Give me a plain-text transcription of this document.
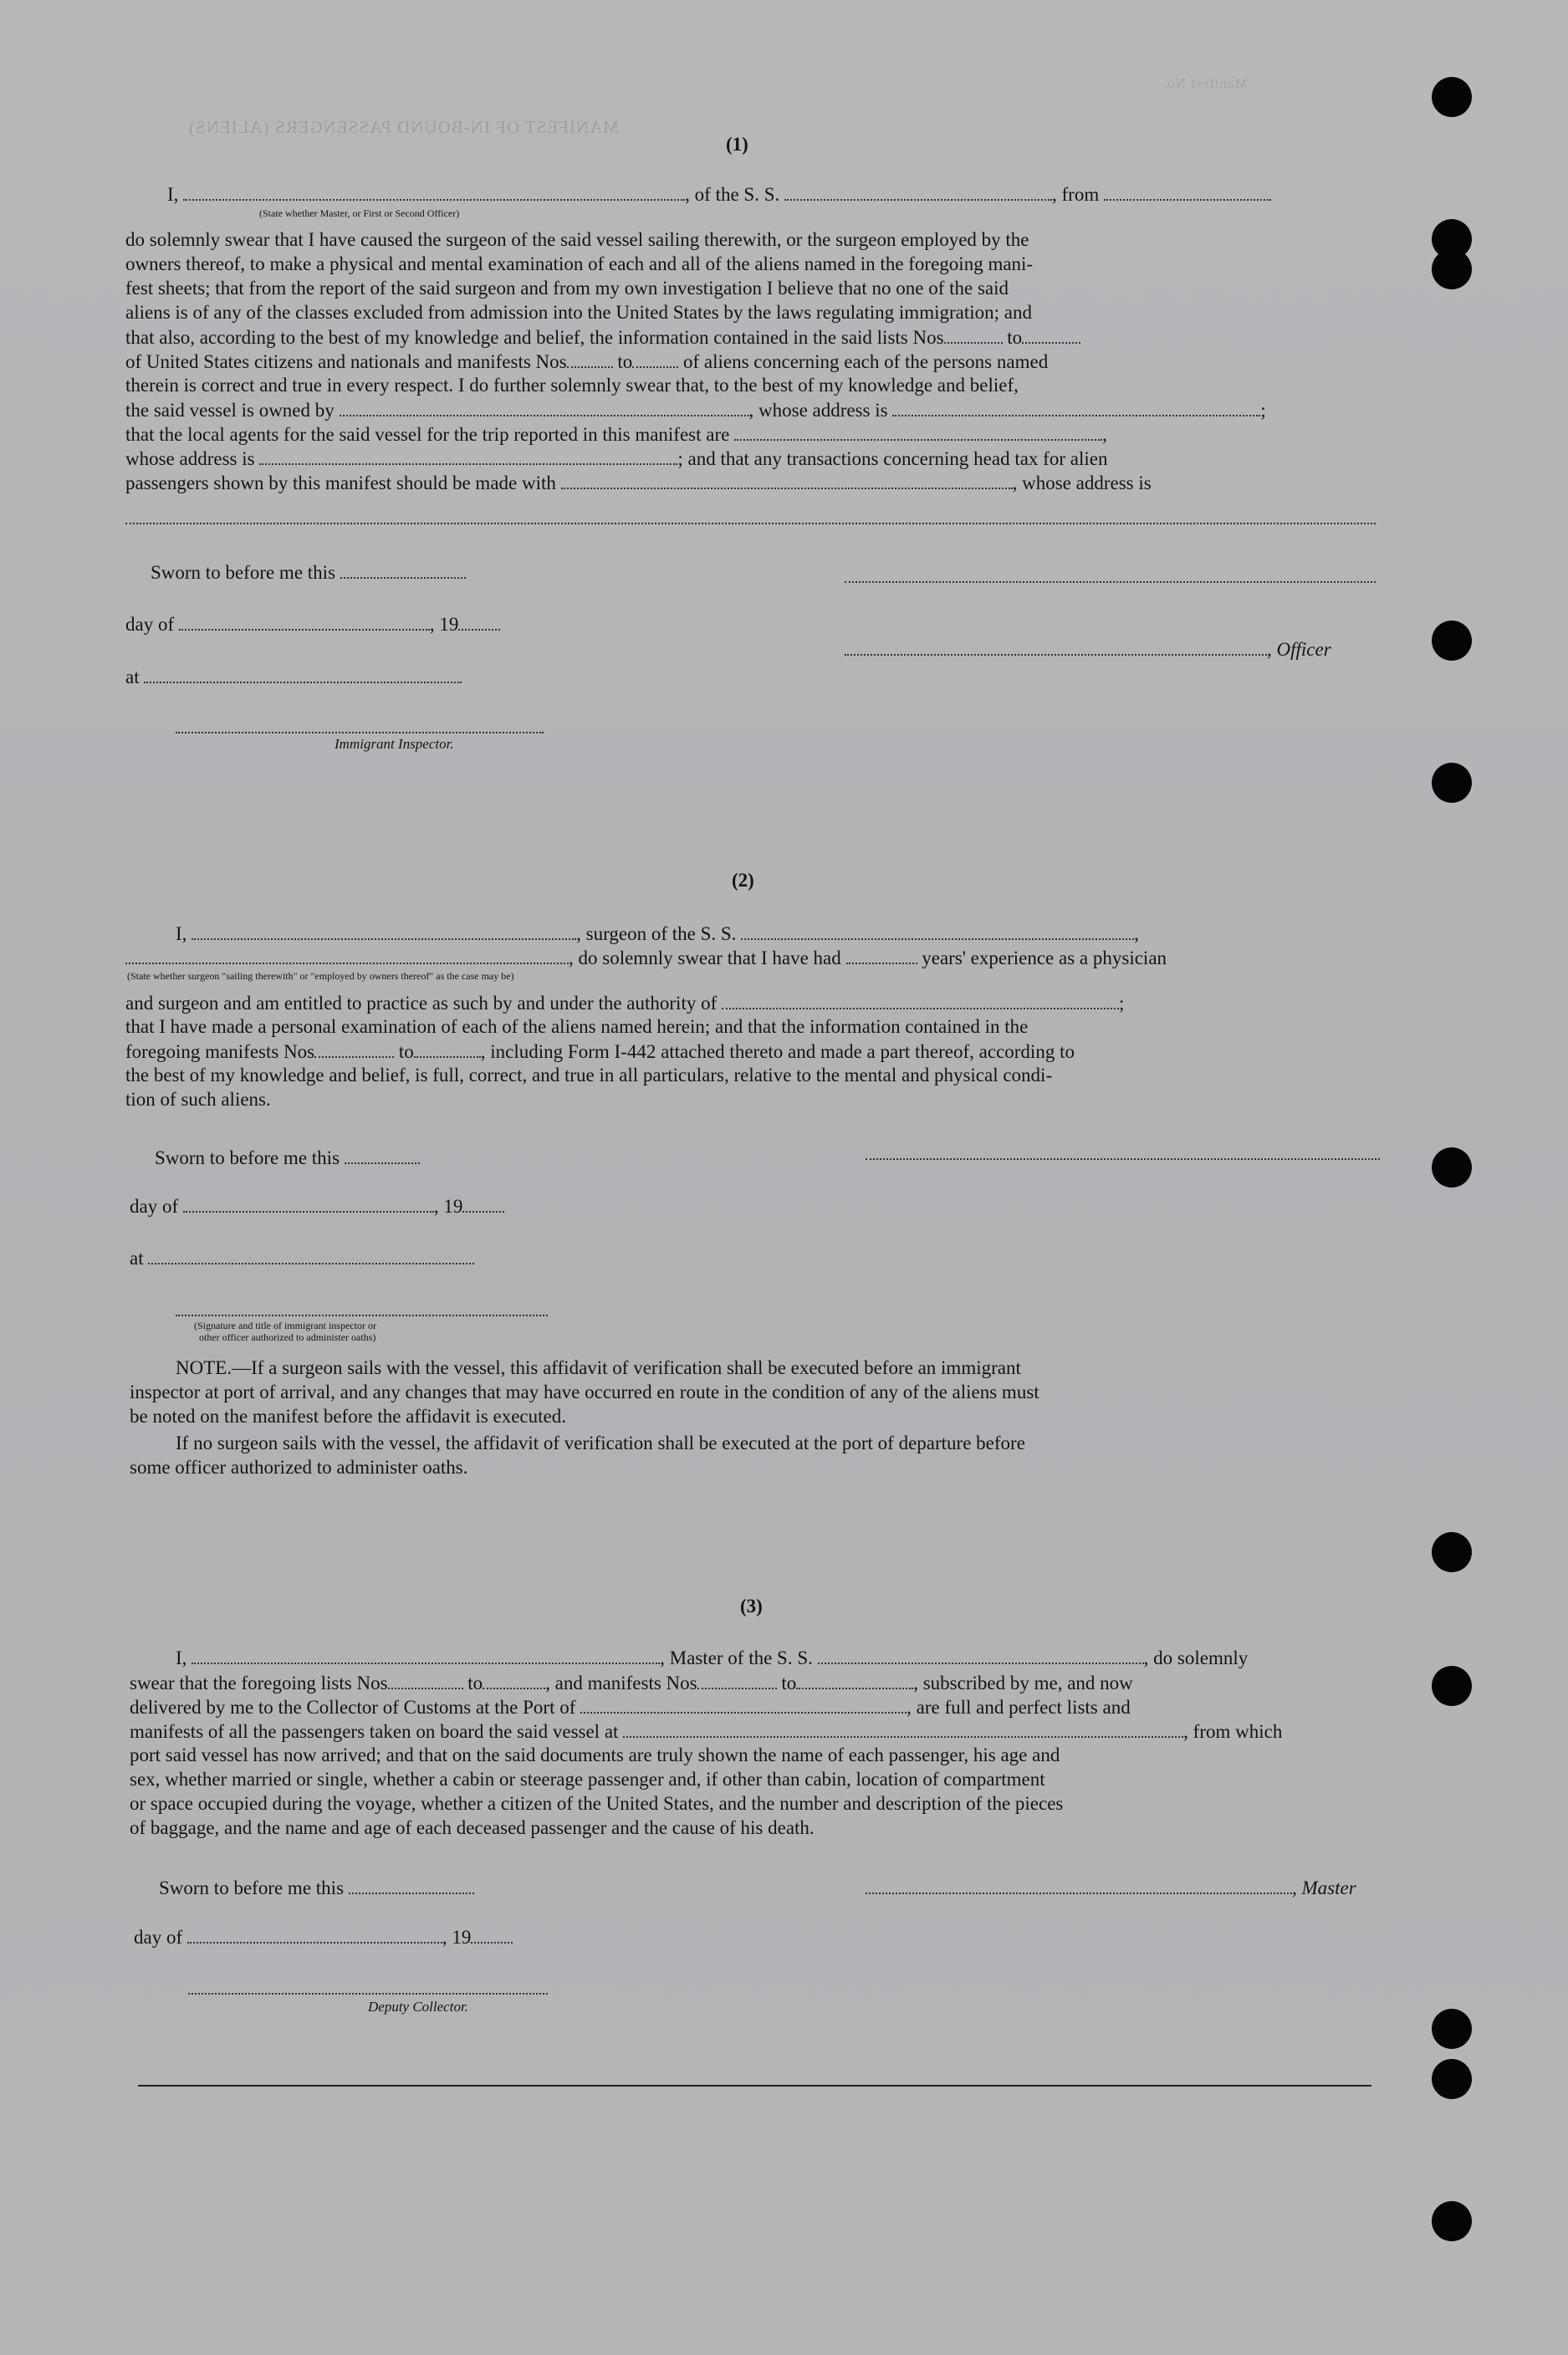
MANIFEST OF IN-BOUND PASSENGERS (ALIENS)
Manifest No.
(1)
I,	, of the S. S.	, from
(State whether Master, or First or Second Officer)
do solemnly swear that I have caused the surgeon of the said vessel sailing therewith, or the surgeon employed by the
owners thereof, to make a physical and mental examination of each and all of the aliens named in the foregoing mani-
fest sheets; that from the report of the said surgeon and from my own investigation I believe that no one of the said
aliens is of any of the classes excluded from admission into the United States by the laws regulating immigration; and
that also, according to the best of my knowledge and belief, the information contained in the said lists Nos	to
of United States citizens and nationals and manifests Nos	to	of aliens concerning each of the persons named
therein is correct and true in every respect. I do further solemnly swear that, to the best of my knowledge and belief,
the said vessel is owned by	, whose address is	;
that the local agents for the said vessel for the trip reported in this manifest are	,
whose address is	; and that any transactions concerning head tax for alien
passengers shown by this manifest should be made with	, whose address is
Sworn to before me this
day of	, 19
, Officer
at
Immigrant Inspector.
(2)
I,	, surgeon of the S. S.	,
, do solemnly swear that I have had	years' experience as a physician
(State whether surgeon "sailing therewith" or "employed by owners thereof" as the case may be)
and surgeon and am entitled to practice as such by and under the authority of	;
that I have made a personal examination of each of the aliens named herein; and that the information contained in the
foregoing manifests Nos	to	, including Form I-442 attached thereto and made a part thereof, according to
the best of my knowledge and belief, is full, correct, and true in all particulars, relative to the mental and physical condi-
tion of such aliens.
Sworn to before me this
day of	, 19
at
(Signature and title of immigrant inspector or
other officer authorized to administer oaths)
NOTE.—If a surgeon sails with the vessel, this affidavit of verification shall be executed before an immigrant
inspector at port of arrival, and any changes that may have occurred en route in the condition of any of the aliens must
be noted on the manifest before the affidavit is executed.
If no surgeon sails with the vessel, the affidavit of verification shall be executed at the port of departure before
some officer authorized to administer oaths.
(3)
I,	, Master of the S. S.	, do solemnly
swear that the foregoing lists Nos	to	, and manifests Nos	to	, subscribed by me, and now
delivered by me to the Collector of Customs at the Port of	, are full and perfect lists and
manifests of all the passengers taken on board the said vessel at	, from which
port said vessel has now arrived; and that on the said documents are truly shown the name of each passenger, his age and
sex, whether married or single, whether a cabin or steerage passenger and, if other than cabin, location of compartment
or space occupied during the voyage, whether a citizen of the United States, and the number and description of the pieces
of baggage, and the name and age of each deceased passenger and the cause of his death.
Sworn to before me this	, Master
day of	, 19
Deputy Collector.
